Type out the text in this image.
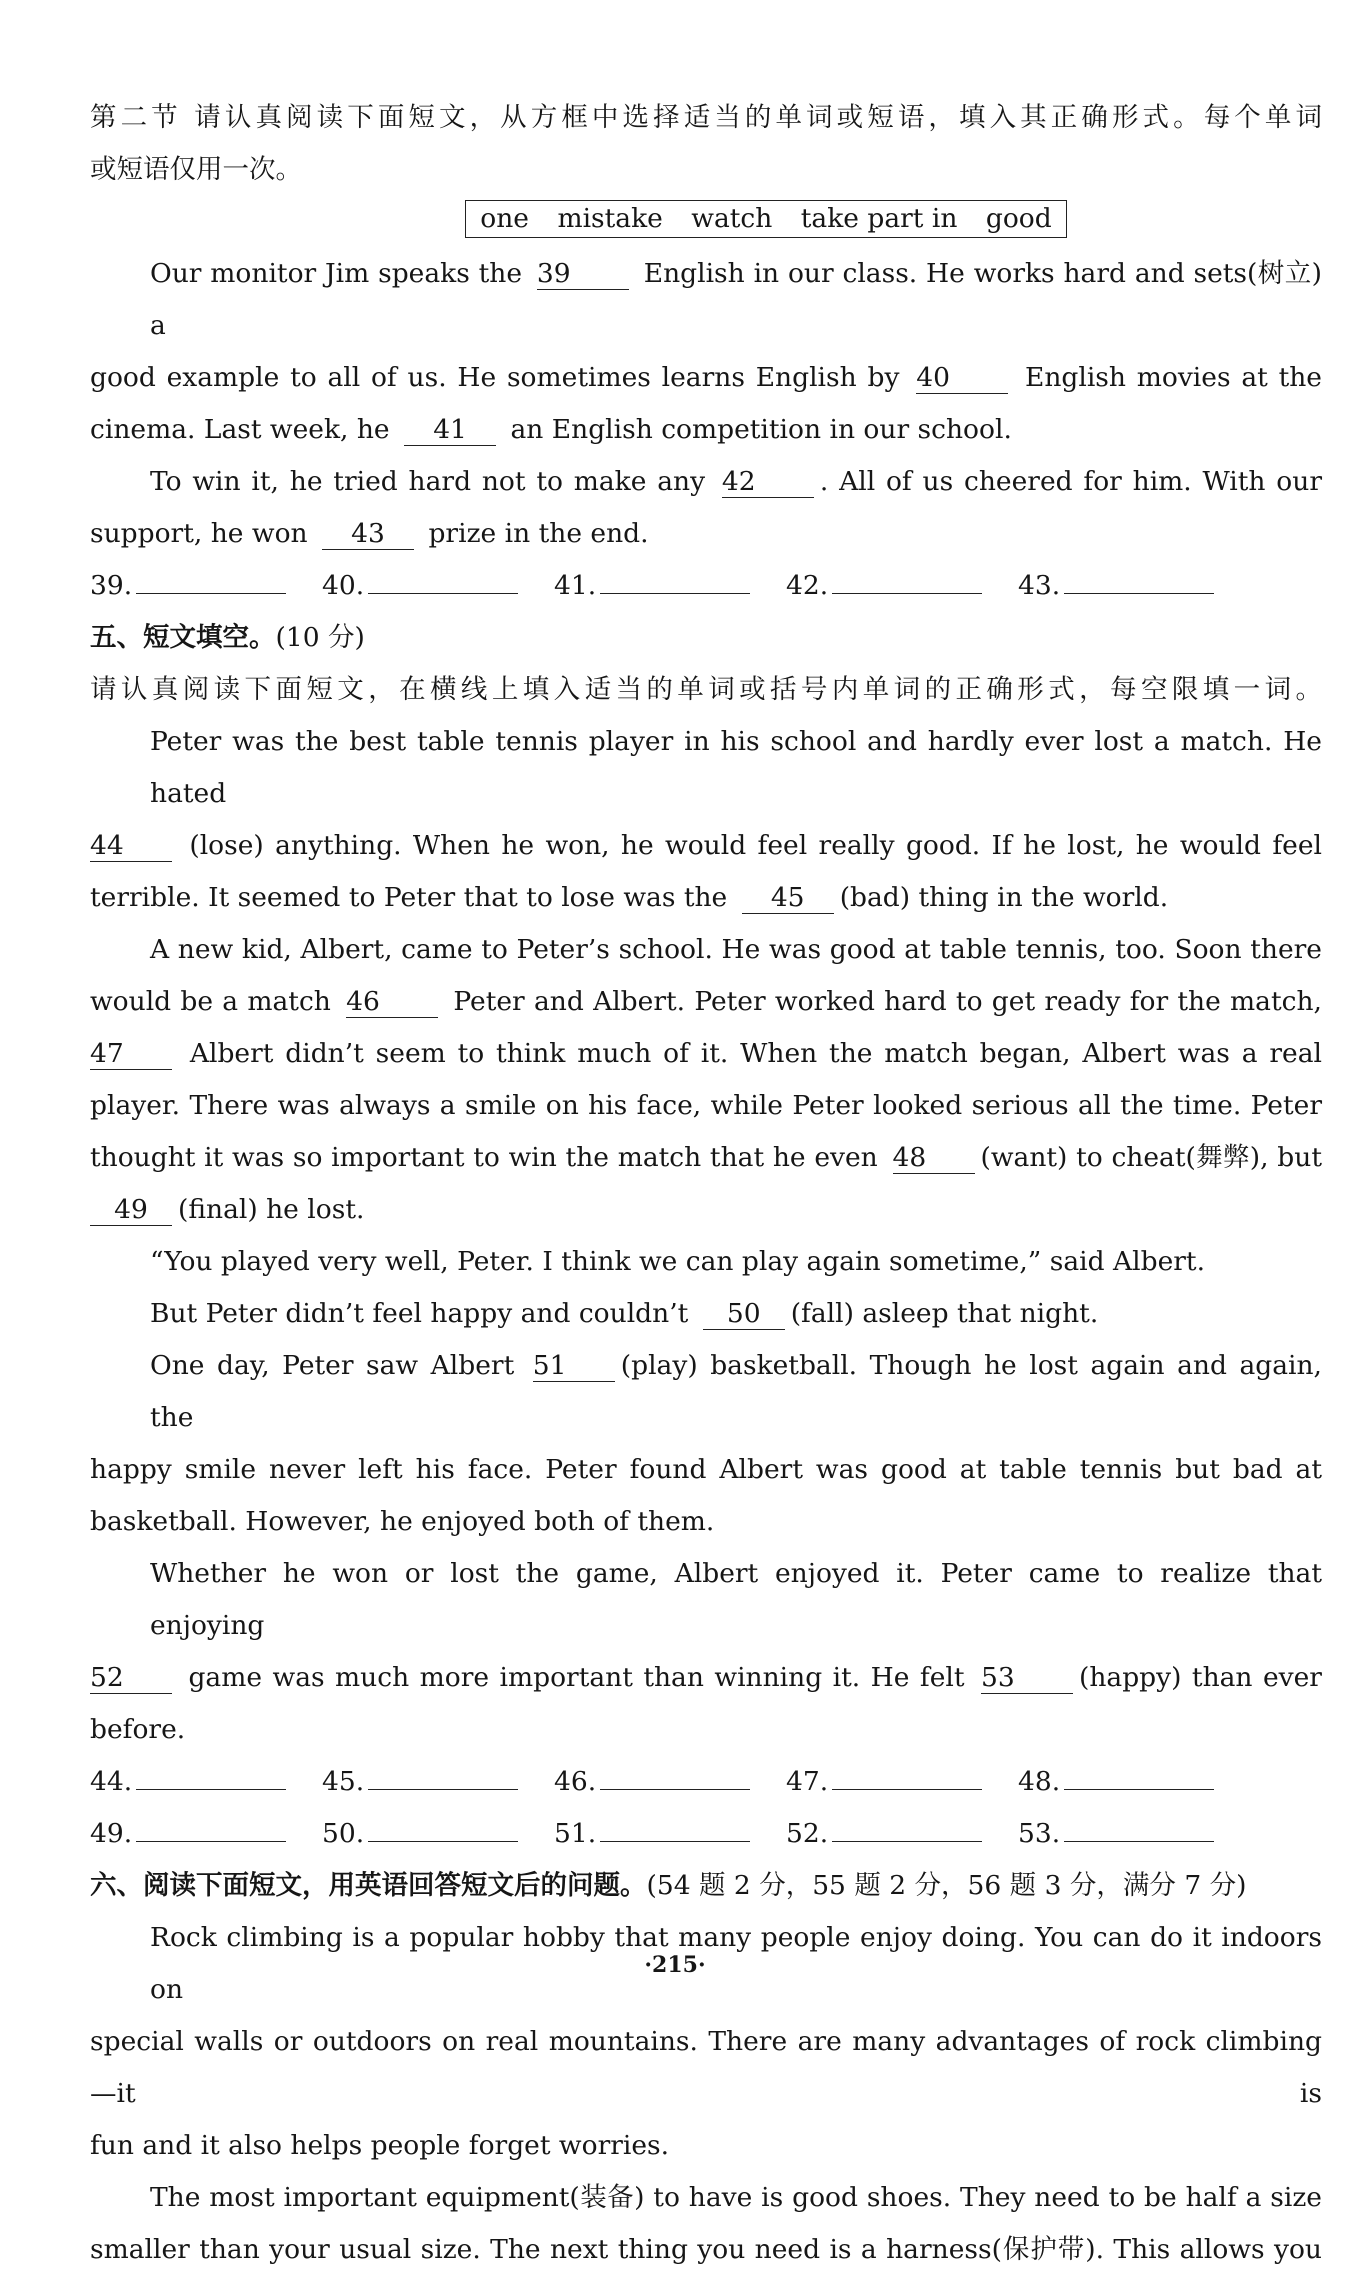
第二节 请认真阅读下面短文，从方框中选择适当的单词或短语，填入其正确形式。每个单词
或短语仅用一次。
one mistake watch take part in good
Our monitor Jim speaks the 39	English in our class. He works hard and sets(树立) a
good example to all of us. He sometimes learns English by 40	English movies at the
cinema. Last week, he 41 an English competition in our school.
To win it, he tried hard not to make any 42 . All of us cheered for him. With our
support, he won 43 prize in the end.
39.	40.	41.	42.	43.
五、短文填空。(10 分)
请认真阅读下面短文，在横线上填入适当的单词或括号内单词的正确形式，每空限填一词。
Peter was the best table tennis player in his school and hardly ever lost a match. He hated
44 (lose) anything. When he won, he would feel really good. If he lost, he would feel
terrible. It seemed to Peter that to lose was the 45 (bad) thing in the world.
A new kid, Albert, came to Peter’s school. He was good at table tennis, too. Soon there
would be a match 46	Peter and Albert. Peter worked hard to get ready for the match,
47 Albert didn’t seem to think much of it. When the match began, Albert was a real
player. There was always a smile on his face, while Peter looked serious all the time. Peter
thought it was so important to win the match that he even 48 (want) to cheat(舞弊), but
49 (final) he lost.
“You played very well, Peter. I think we can play again sometime,” said Albert.
But Peter didn’t feel happy and couldn’t 50 (fall) asleep that night.
One day, Peter saw Albert 51 (play) basketball. Though he lost again and again, the
happy smile never left his face. Peter found Albert was good at table tennis but bad at
basketball. However, he enjoyed both of them.
Whether he won or lost the game, Albert enjoyed it. Peter came to realize that enjoying
52 game was much more important than winning it. He felt 53 (happy) than ever
before.
44.	45.	46.	47.	48.
49.	50.	51.	52.	53.
六、阅读下面短文，用英语回答短文后的问题。(54 题 2 分，55 题 2 分，56 题 3 分，满分 7 分)
Rock climbing is a popular hobby that many people enjoy doing. You can do it indoors on
special walls or outdoors on real mountains. There are many advantages of rock climbing—it is
fun and it also helps people forget worries.
The most important equipment(装备) to have is good shoes. They need to be half a size
smaller than your usual size. The next thing you need is a harness(保护带). This allows you
·215·
